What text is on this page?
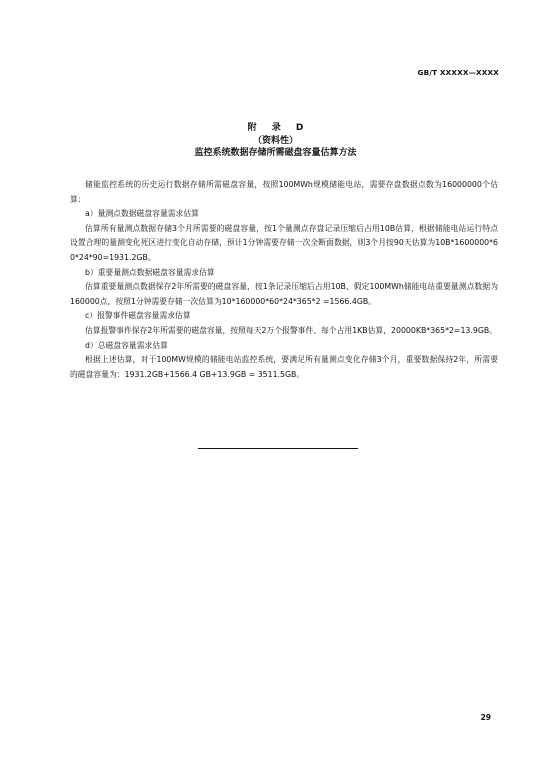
GB/T XXXXX—XXXX
附 录 D
（资料性）
监控系统数据存储所需磁盘容量估算方法

储能监控系统的历史运行数据存储所需磁盘容量，按照100MWh规模储能电站，需要存盘数据点数为16000000个估算：

a）量测点数据磁盘容量需求估算

估算所有量测点数据存储3个月所需要的磁盘容量，按1个量测点存盘记录压缩后占用10B估算，根据储能电站运行特点设置合理的量测变化死区进行变化自动存储，预计1分钟需要存储一次全断面数据，则3个月按90天估算为10B*1600000*60*24*90=1931.2GB。

b）重要量测点数据磁盘容量需求估算

估算重要量测点数据保存2年所需要的磁盘容量，按1条记录压缩后占用10B、假定100MWh储能电站重要量测点数据为160000点，按照1分钟需要存储一次估算为10*160000*60*24*365*2 =1566.4GB。

c）报警事件磁盘容量需求估算

估算报警事件保存2年所需要的磁盘容量，按照每天2万个报警事件、每个占用1KB估算，20000KB*365*2=13.9GB。

d）总磁盘容量需求估算

根据上述估算，对于100MW规模的储能电站监控系统，要满足所有量测点变化存储3个月，重要数据保持2年，所需要的磁盘容量为：1931.2GB+1566.4 GB+13.9GB = 3511.5GB。

29
